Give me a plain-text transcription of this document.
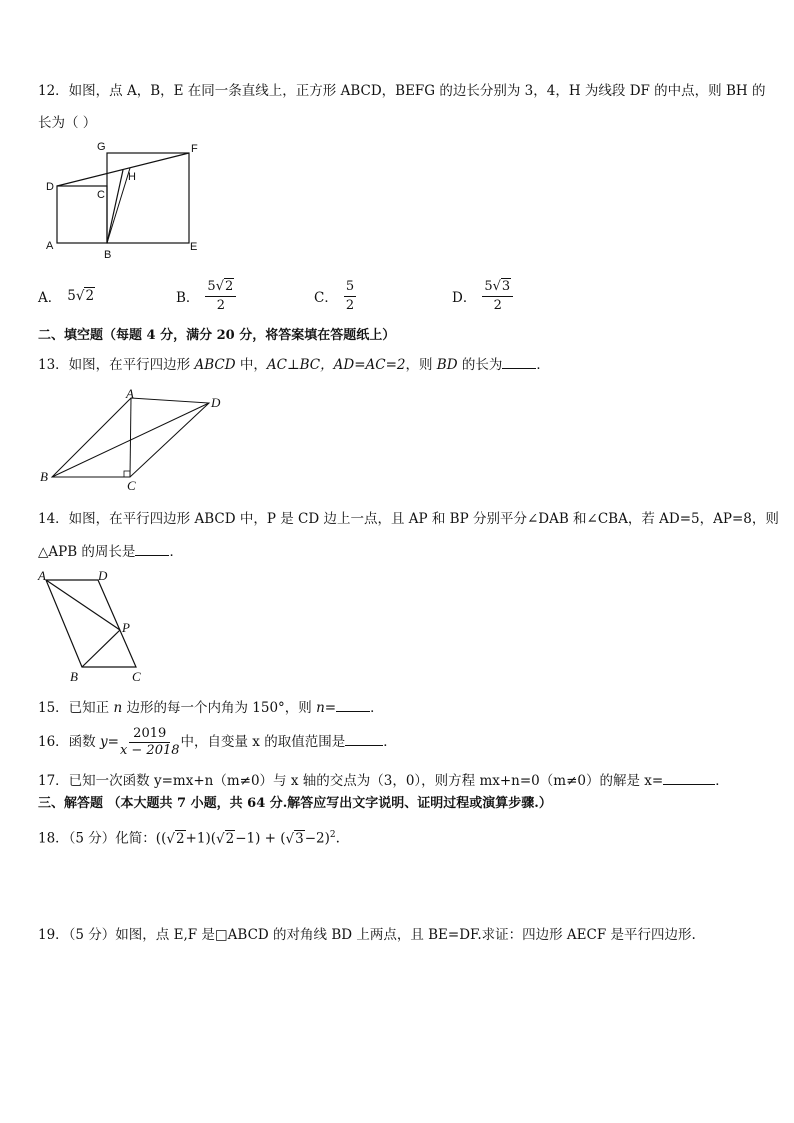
12．如图，点 A，B，E 在同一条直线上，正方形 ABCD，BEFG 的边长分别为 3，4，H 为线段 DF 的中点，则 BH 的
长为（ ）
G	F
D
C
H
A
B
E
A． 5√2	B． $\frac{5√2}{2}$	C． $\frac{5}{2}$	D． $\frac{5√3}{2}$
二、填空题（每题 4 分，满分 20 分，将答案填在答题纸上）
13．如图，在平行四边形 ABCD 中，AC⊥BC，AD=AC=2，则 BD 的长为	．
A
D
B
C
14．如图，在平行四边形 ABCD 中，P 是 CD 边上一点，且 AP 和 BP 分别平分∠DAB 和∠CBA，若 AD=5，AP=8，则
△APB 的周长是	．
A	D
P
B	C
15．已知正 n 边形的每一个内角为 150°，则 n=	．
16．函数 $y= \frac{2019}{x - 2018}$ 中，自变量 x 的取值范围是	．
17．已知一次函数 y=mx+n（m≠0）与 x 轴的交点为（3，0），则方程 mx+n=0（m≠0）的解是 x=	．
三、解答题 （本大题共 7 小题，共 64 分.解答应写出文字说明、证明过程或演算步骤.）
18．（5 分）化简：($(√2+1)(√2-1) + (√3-2)^2$.
19．（5 分）如图，点 E,F 是□ABCD 的对角线 BD 上两点，且 BE=DF.求证：四边形 AECF 是平行四边形.
